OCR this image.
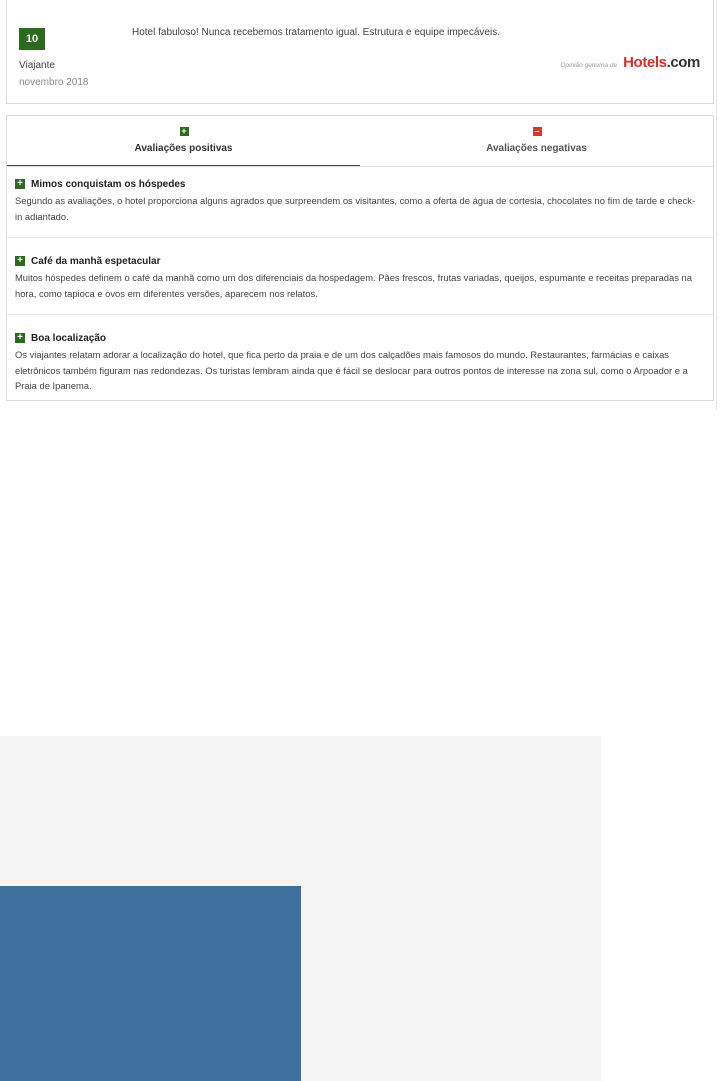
10
Hotel fabuloso! Nunca recebemos tratamento igual. Estrutura e equipe impecáveis.
Viajante
novembro 2018
Opinião genuína de Hotels.com
+
Avaliações positivas
–
Avaliações negativas
+ Mimos conquistam os hóspedes
Segundo as avaliações, o hotel proporciona alguns agrados que surpreendem os visitantes, como a oferta de água de cortesia, chocolates no fim de tarde e check-in adiantado.
+ Café da manhã espetacular
Muitos hóspedes definem o café da manhã como um dos diferenciais da hospedagem. Pães frescos, frutas variadas, queijos, espumante e receitas preparadas na hora, como tapioca e ovos em diferentes versões, aparecem nos relatos.
+ Boa localização
Os viajantes relatam adorar a localização do hotel, que fica perto da praia e de um dos calçadões mais famosos do mundo. Restaurantes, farmácias e caixas eletrônicos também figuram nas redondezas. Os turistas lembram ainda que é fácil se deslocar para outros pontos de interesse na zona sul, como o Arpoador e a Praia de Ipanema.
